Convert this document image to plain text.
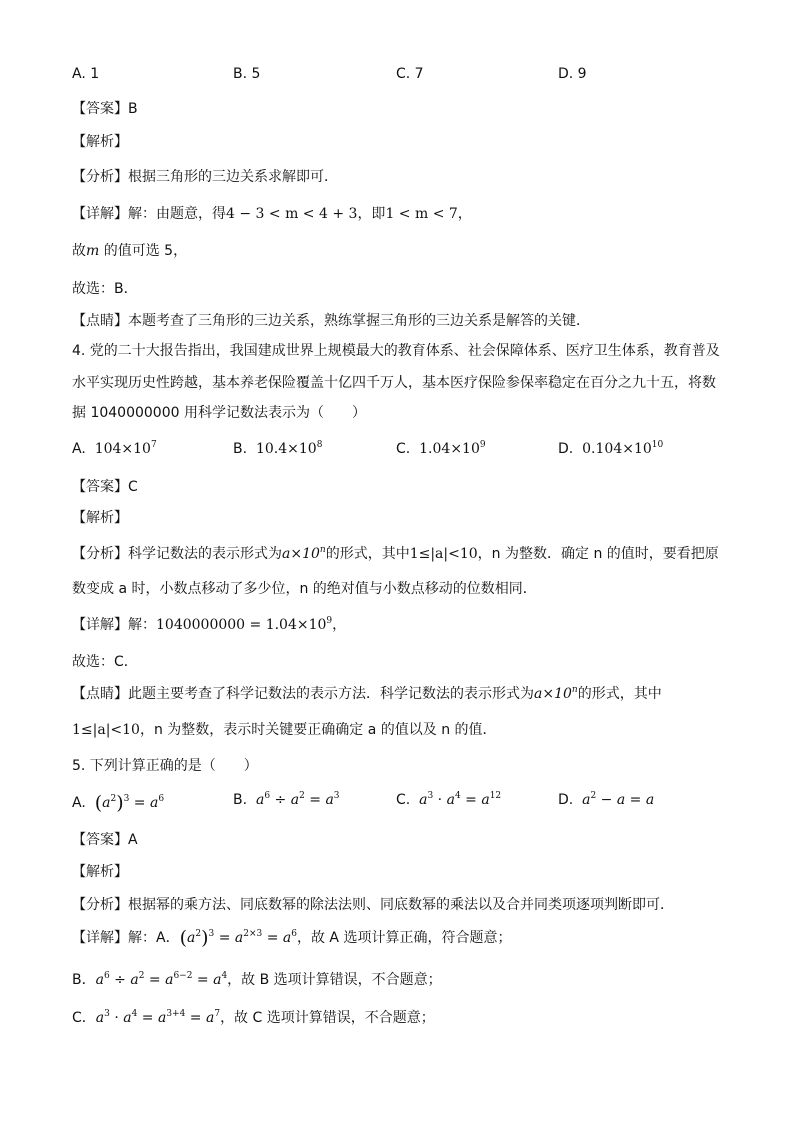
A. 1	B. 5	C. 7	D. 9
【答案】B
【解析】
【分析】根据三角形的三边关系求解即可．
【详解】解：由题意，得4 − 3 < m < 4 + 3，即1 < m < 7，
故m 的值可选 5，
故选：B．
【点睛】本题考查了三角形的三边关系，熟练掌握三角形的三边关系是解答的关键．
4. 党的二十大报告指出，我国建成世界上规模最大的教育体系、社会保障体系、医疗卫生体系，教育普及
水平实现历史性跨越，基本养老保险覆盖十亿四千万人，基本医疗保险参保率稳定在百分之九十五，将数
据 1040000000 用科学记数法表示为（　　）
A. $104\times 10^7$	B. $10.4\times 10^8$	C. $1.04\times 10^9$	D. $0.104\times 10^{10}$
【答案】C
【解析】
【分析】科学记数法的表示形式为$a\times 10^n$的形式，其中1≤|a|<10，n 为整数．确定 n 的值时，要看把原
数变成 a 时，小数点移动了多少位，n 的绝对值与小数点移动的位数相同．
【详解】解：$1040000000 = 1.04\times 10^9$，
故选：C．
【点睛】此题主要考查了科学记数法的表示方法．科学记数法的表示形式为$a\times 10^n$的形式，其中
1≤|a|<10，n 为整数，表示时关键要正确确定 a 的值以及 n 的值．
5. 下列计算正确的是（　　）
A. $(a^2)^3 = a^6$	B. $a^6 \div a^2 = a^3$	C. $a^3 \cdot a^4 = a^{12}$	D. $a^2 - a = a$
【答案】A
【解析】
【分析】根据幂的乘方法、同底数幂的除法法则、同底数幂的乘法以及合并同类项逐项判断即可．
【详解】解：A．$(a^2)^3 = a^{2\times 3} = a^6$，故 A 选项计算正确，符合题意；
B．$a^6 \div a^2 = a^{6-2} = a^4$，故 B 选项计算错误，不合题意；
C．$a^3 \cdot a^4 = a^{3+4} = a^7$，故 C 选项计算错误，不合题意；
